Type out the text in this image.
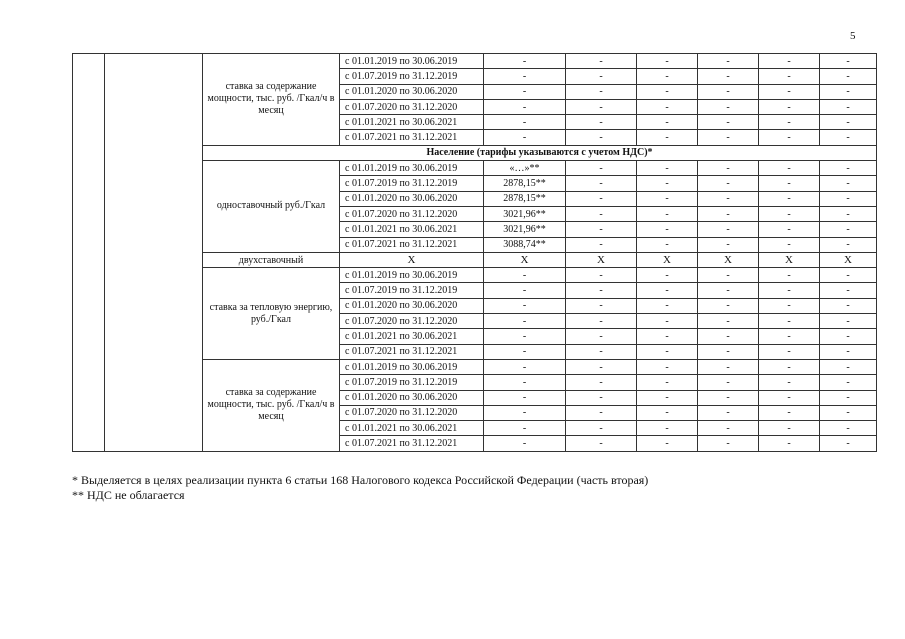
5
		ставка за содержание мощности, тыс. руб. /Гкал/ч в месяц	с 01.01.2019 по 30.06.2019	-	-	-	-	-	-	
			с 01.07.2019 по 31.12.2019	-	-	-	-	-	-	
			с 01.01.2020 по 30.06.2020	-	-	-	-	-	-	
			с 01.07.2020 по 31.12.2020	-	-	-	-	-	-	
			с 01.01.2021 по 30.06.2021	-	-	-	-	-	-	
			с 01.07.2021 по 31.12.2021	-	-	-	-	-	-	
		Население (тарифы указываются с учетом НДС)*								
		одноставочный руб./Гкал	с 01.01.2019 по 30.06.2019	«…»**	-	-	-	-	-	
			с 01.07.2019 по 31.12.2019	2878,15**	-	-	-	-	-	
			с 01.01.2020 по 30.06.2020	2878,15**	-	-	-	-	-	
			с 01.07.2020 по 31.12.2020	3021,96**	-	-	-	-	-	
			с 01.01.2021 по 30.06.2021	3021,96**	-	-	-	-	-	
			с 01.07.2021 по 31.12.2021	3088,74**	-	-	-	-	-	
		двухставочный	X	X	X	X	X	X	X	
		ставка за тепловую энергию, руб./Гкал	с 01.01.2019 по 30.06.2019	-	-	-	-	-	-	
			с 01.07.2019 по 31.12.2019	-	-	-	-	-	-	
			с 01.01.2020 по 30.06.2020	-	-	-	-	-	-	
			с 01.07.2020 по 31.12.2020	-	-	-	-	-	-	
			с 01.01.2021 по 30.06.2021	-	-	-	-	-	-	
			с 01.07.2021 по 31.12.2021	-	-	-	-	-	-	
		ставка за содержание мощности, тыс. руб. /Гкал/ч в месяц	с 01.01.2019 по 30.06.2019	-	-	-	-	-	-	
			с 01.07.2019 по 31.12.2019	-	-	-	-	-	-	
			с 01.01.2020 по 30.06.2020	-	-	-	-	-	-	
			с 01.07.2020 по 31.12.2020	-	-	-	-	-	-	
			с 01.01.2021 по 30.06.2021	-	-	-	-	-	-	
			с 01.07.2021 по 31.12.2021	-	-	-	-	-	-	
* Выделяется в целях реализации пункта 6 статьи 168 Налогового кодекса Российской Федерации (часть вторая)
** НДС не облагается
